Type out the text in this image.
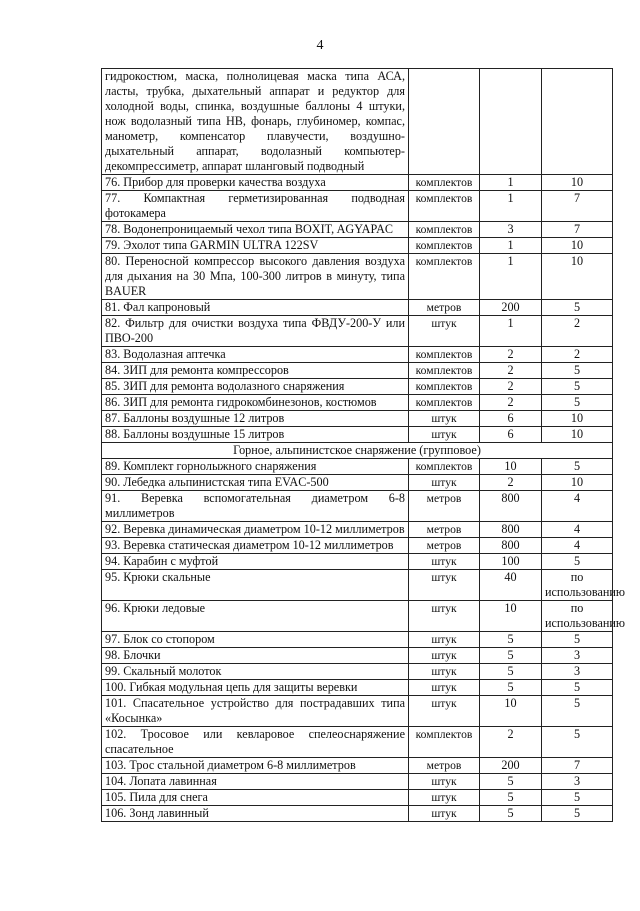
4
гидрокостюм, маска, полнолицевая маска типа АСА, ласты, трубка, дыхательный аппарат и редуктор для холодной воды, спинка, воздушные баллоны 4 штуки, нож водолазный типа НВ, фонарь, глубиномер, компас, манометр, компенсатор плавучести, воздушно-дыхательный аппарат, водолазный компьютер-декомпрессиметр, аппарат шланговый подводный			
76. Прибор для проверки качества воздуха	комплектов	1	10
77. Компактная герметизированная подводная фотокамера	комплектов	1	7
78. Водонепроницаемый чехол типа BOXIT, AGYAPAC	комплектов	3	7
79. Эхолот типа GARMIN ULTRA 122SV	комплектов	1	10
80. Переносной компрессор высокого давления воздуха для дыхания на 30 Мпа, 100-300 литров в минуту, типа BAUER	комплектов	1	10
81. Фал капроновый	метров	200	5
82. Фильтр для очистки воздуха типа ФВДУ-200-У или ПВО-200	штук	1	2
83. Водолазная аптечка	комплектов	2	2
84. ЗИП для ремонта компрессоров	комплектов	2	5
85. ЗИП для ремонта водолазного снаряжения	комплектов	2	5
86. ЗИП для ремонта гидрокомбинезонов, костюмов	комплектов	2	5
87. Баллоны воздушные 12 литров	штук	6	10
88. Баллоны воздушные 15 литров	штук	6	10
Горное, альпинистское снаряжение (групповое)			
89. Комплект горнолыжного снаряжения	комплектов	10	5
90. Лебедка альпинистская типа EVAC-500	штук	2	10
91. Веревка вспомогательная диаметром 6-8 миллиметров	метров	800	4
92. Веревка динамическая диаметром 10-12 миллиметров	метров	800	4
93. Веревка статическая диаметром 10-12 миллиметров	метров	800	4
94. Карабин с муфтой	штук	100	5
95. Крюки скальные	штук	40	по использованию
96. Крюки ледовые	штук	10	по использованию
97. Блок со стопором	штук	5	5
98. Блочки	штук	5	3
99. Скальный молоток	штук	5	3
100. Гибкая модульная цепь для защиты веревки	штук	5	5
101. Спасательное устройство для пострадавших типа «Косынка»	штук	10	5
102. Тросовое или кевларовое спелеоснаряжение спасательное	комплектов	2	5
103. Трос стальной диаметром 6-8 миллиметров	метров	200	7
104. Лопата лавинная	штук	5	3
105. Пила для снега	штук	5	5
106. Зонд лавинный	штук	5	5
